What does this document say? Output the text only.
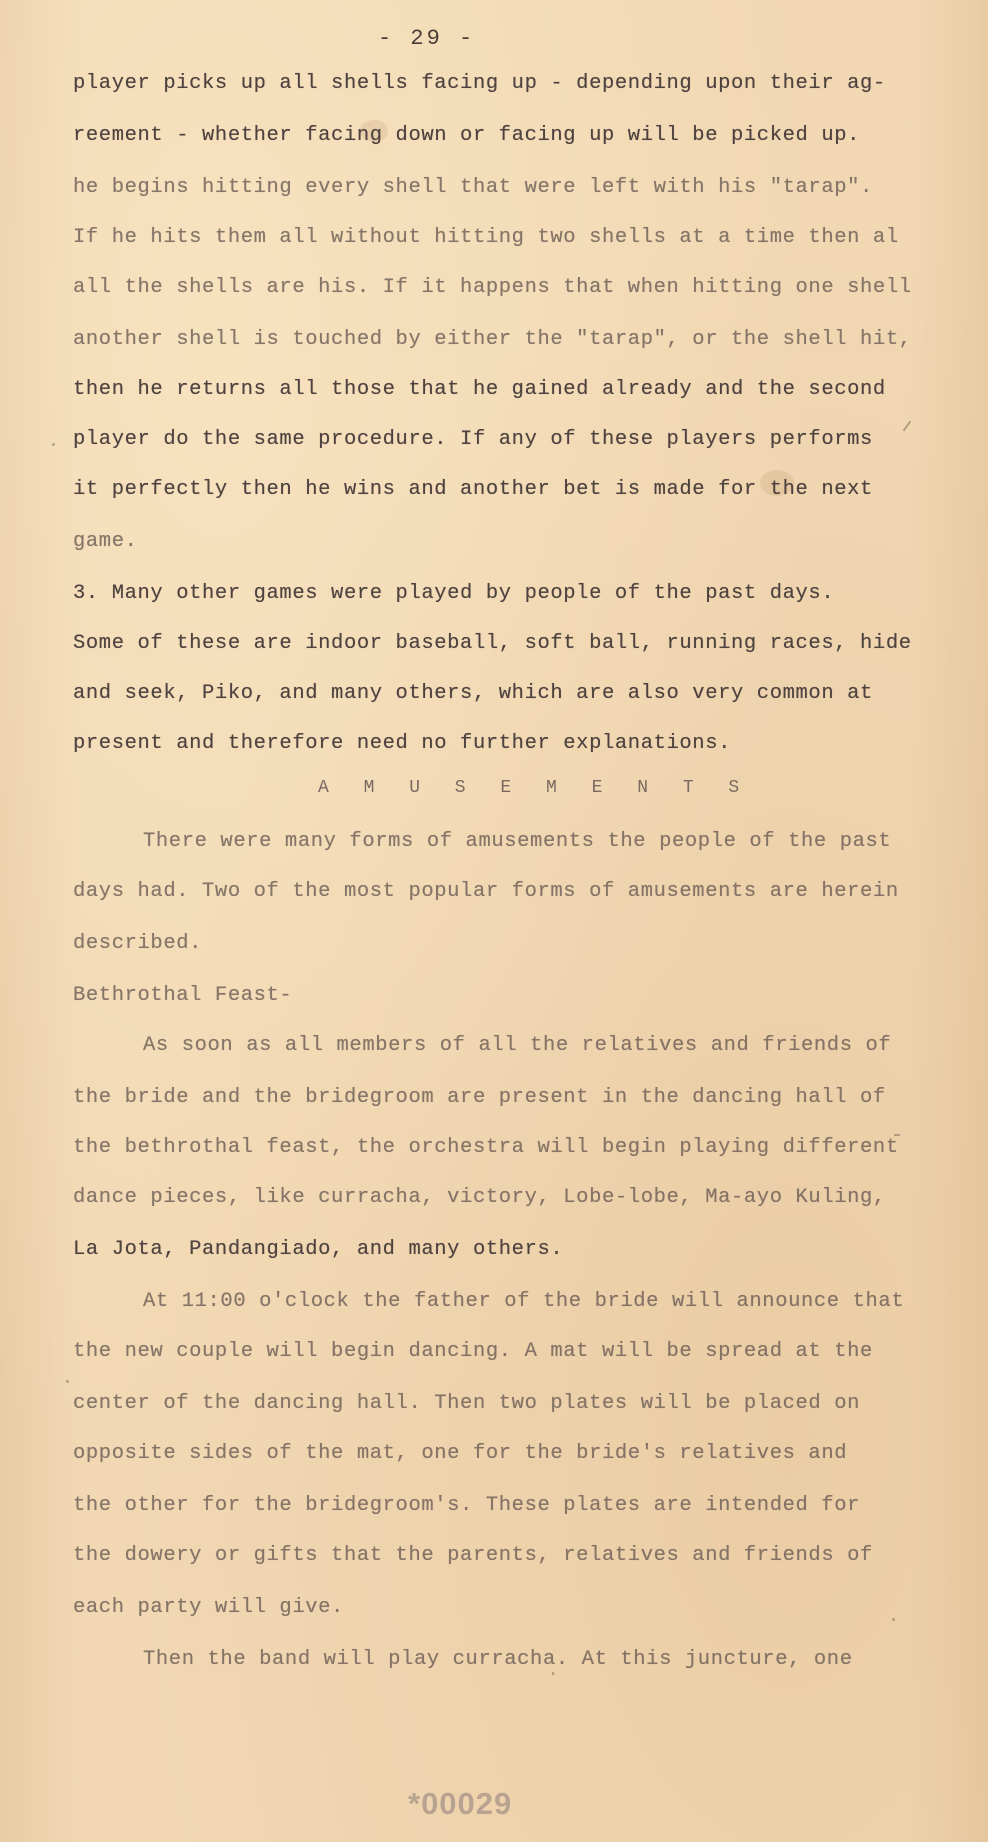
- 29 -
player picks up all shells facing up - depending upon their ag-
reement - whether facing down or facing up will be picked up.
he begins hitting every shell that were left with his "tarap".
If he hits them all without hitting two shells at a time then al
all the shells are his. If it happens that when hitting one shell
another shell is touched by either the "tarap", or the shell hit,
then he returns all those that he gained already and the second
player do the same procedure. If any of these players performs
it perfectly then he wins and another bet is made for the next
game.
3. Many other games were played by people of the past days.
Some of these are indoor baseball, soft ball, running races, hide
and seek, Piko, and many others, which are also very common at
present and therefore need no further explanations.
A M U S E M E N T S
There were many forms of amusements the people of the past
days had. Two of the most popular forms of amusements are herein
described.
Bethrothal Feast-
As soon as all members of all the relatives and friends of
the bride and the bridegroom are present in the dancing hall of
the bethrothal feast, the orchestra will begin playing different
dance pieces, like curracha, victory, Lobe-lobe, Ma-ayo Kuling,
La Jota, Pandangiado, and many others.
At 11:00 o'clock the father of the bride will announce that
the new couple will begin dancing. A mat will be spread at the
center of the dancing hall. Then two plates will be placed on
opposite sides of the mat, one for the bride's relatives and
the other for the bridegroom's. These plates are intended for
the dowery or gifts that the parents, relatives and friends of
each party will give.
Then the band will play curracha. At this juncture, one
*00029
